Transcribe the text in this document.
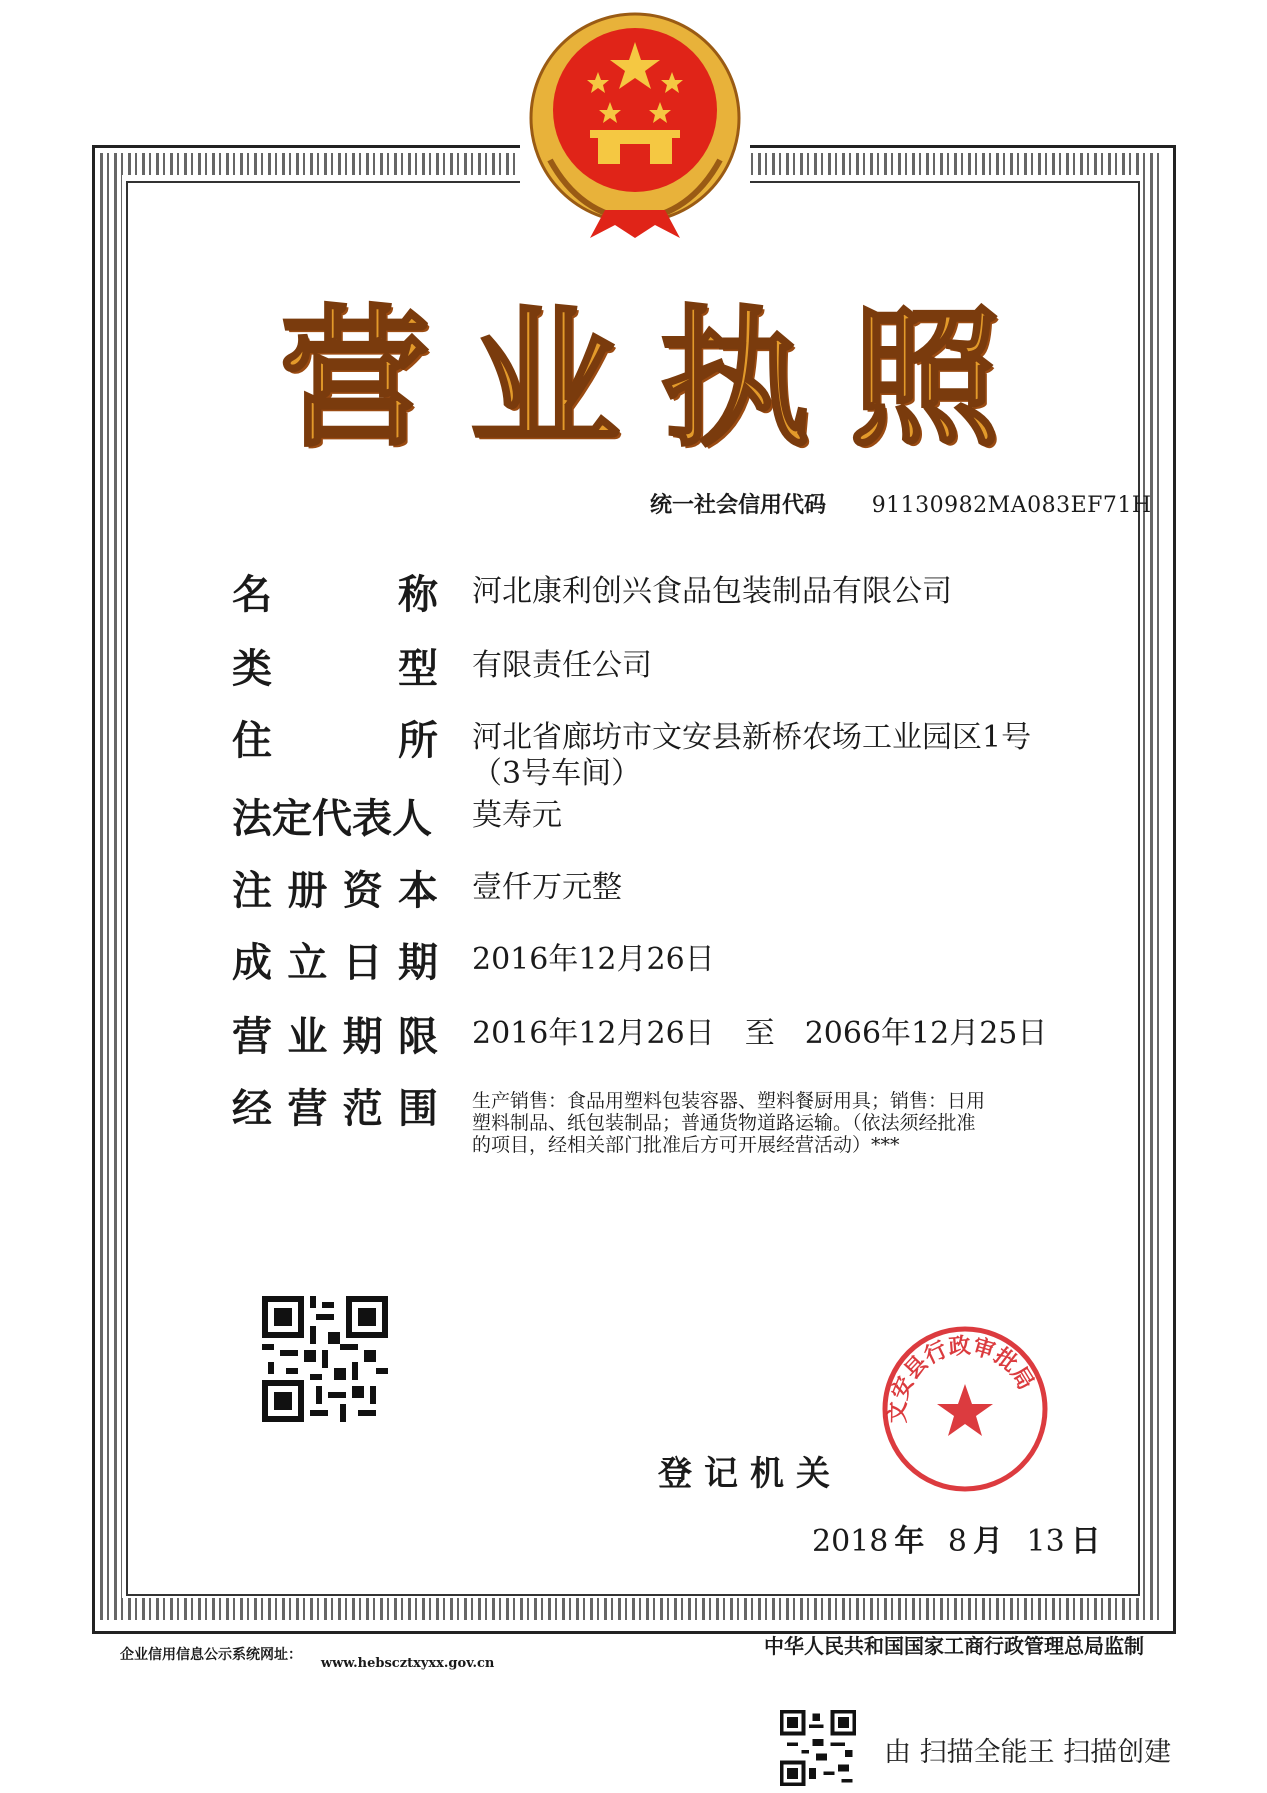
营 业 执 照
统一社会信用代码 91130982MA083EF71H
名	称 河北康利创兴食品包装制品有限公司
类	型 有限责任公司
住	所 河北省廊坊市文安县新桥农场工业园区1号
（3号车间）
法定代表人 莫寿元
注 册 资 本 壹仟万元整
成 立 日 期 2016年12月26日
营 业 期 限 2016年12月26日　至　2066年12月25日
经 营 范 围 生产销售：食品用塑料包装容器、塑料餐厨用具；销售：日用
塑料制品、纸包装制品；普通货物道路运输。（依法须经批准
的项目，经相关部门批准后方可开展经营活动）***
登记机关
文安县行政审批局
2018 年 8 月 13 日
企业信用信息公示系统网址： www.hebscztxyxx.gov.cn
中华人民共和国国家工商行政管理总局监制
由 扫描全能王 扫描创建
